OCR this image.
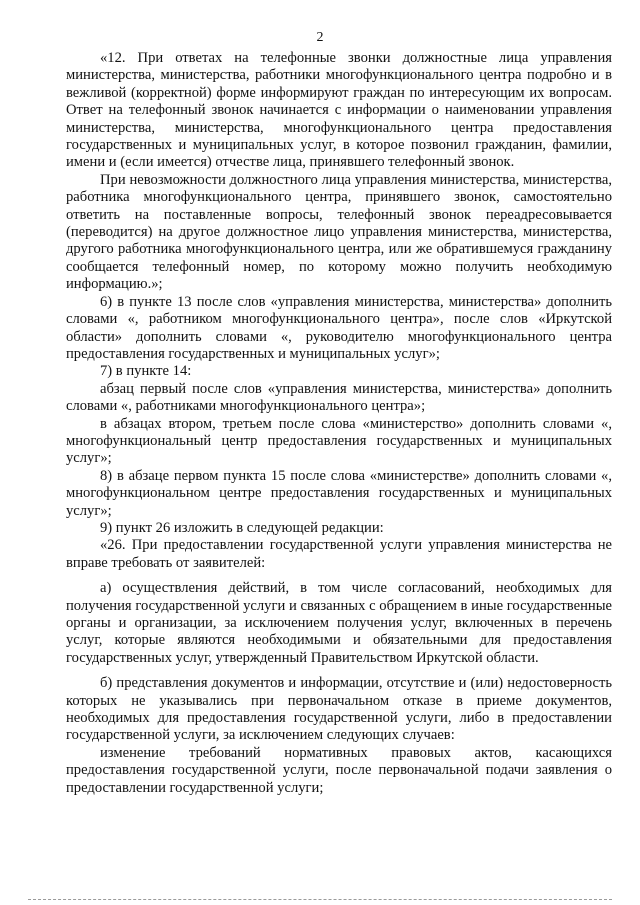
2

«12. При ответах на телефонные звонки должностные лица управления министерства, министерства, работники многофункционального центра подробно и в вежливой (корректной) форме информируют граждан по интересующим их вопросам. Ответ на телефонный звонок начинается с информации о наименовании управления министерства, министерства, многофункционального центра предоставления государственных и муниципальных услуг, в которое позвонил гражданин, фамилии, имени и (если имеется) отчестве лица, принявшего телефонный звонок.

При невозможности должностного лица управления министерства, министерства, работника многофункционального центра, принявшего звонок, самостоятельно ответить на поставленные вопросы, телефонный звонок переадресовывается (переводится) на другое должностное лицо управления министерства, министерства, другого работника многофункционального центра, или же обратившемуся гражданину сообщается телефонный номер, по которому можно получить необходимую информацию.»;

6) в пункте 13 после слов «управления министерства, министерства» дополнить словами «, работником многофункционального центра», после слов «Иркутской области» дополнить словами «, руководителю многофункционального центра предоставления государственных и муниципальных услуг»;

7) в пункте 14:

абзац первый после слов «управления министерства, министерства» дополнить словами «, работниками многофункционального центра»;

в абзацах втором, третьем после слова «министерство» дополнить словами «, многофункциональный центр предоставления государственных и муниципальных услуг»;

8) в абзаце первом пункта 15 после слова «министерстве» дополнить словами «, многофункциональном центре предоставления государственных и муниципальных услуг»;

9) пункт 26 изложить в следующей редакции:

«26. При предоставлении государственной услуги управления министерства не вправе требовать от заявителей:

а) осуществления действий, в том числе согласований, необходимых для получения государственной услуги и связанных с обращением в иные государственные органы и организации, за исключением получения услуг, включенных в перечень услуг, которые являются необходимыми и обязательными для предоставления государственных услуг, утвержденный Правительством Иркутской области.

б) представления документов и информации, отсутствие и (или) недостоверность которых не указывались при первоначальном отказе в приеме документов, необходимых для предоставления государственной услуги, либо в предоставлении государственной услуги, за исключением следующих случаев:

изменение требований нормативных правовых актов, касающихся предоставления государственной услуги, после первоначальной подачи заявления о предоставлении государственной услуги;
